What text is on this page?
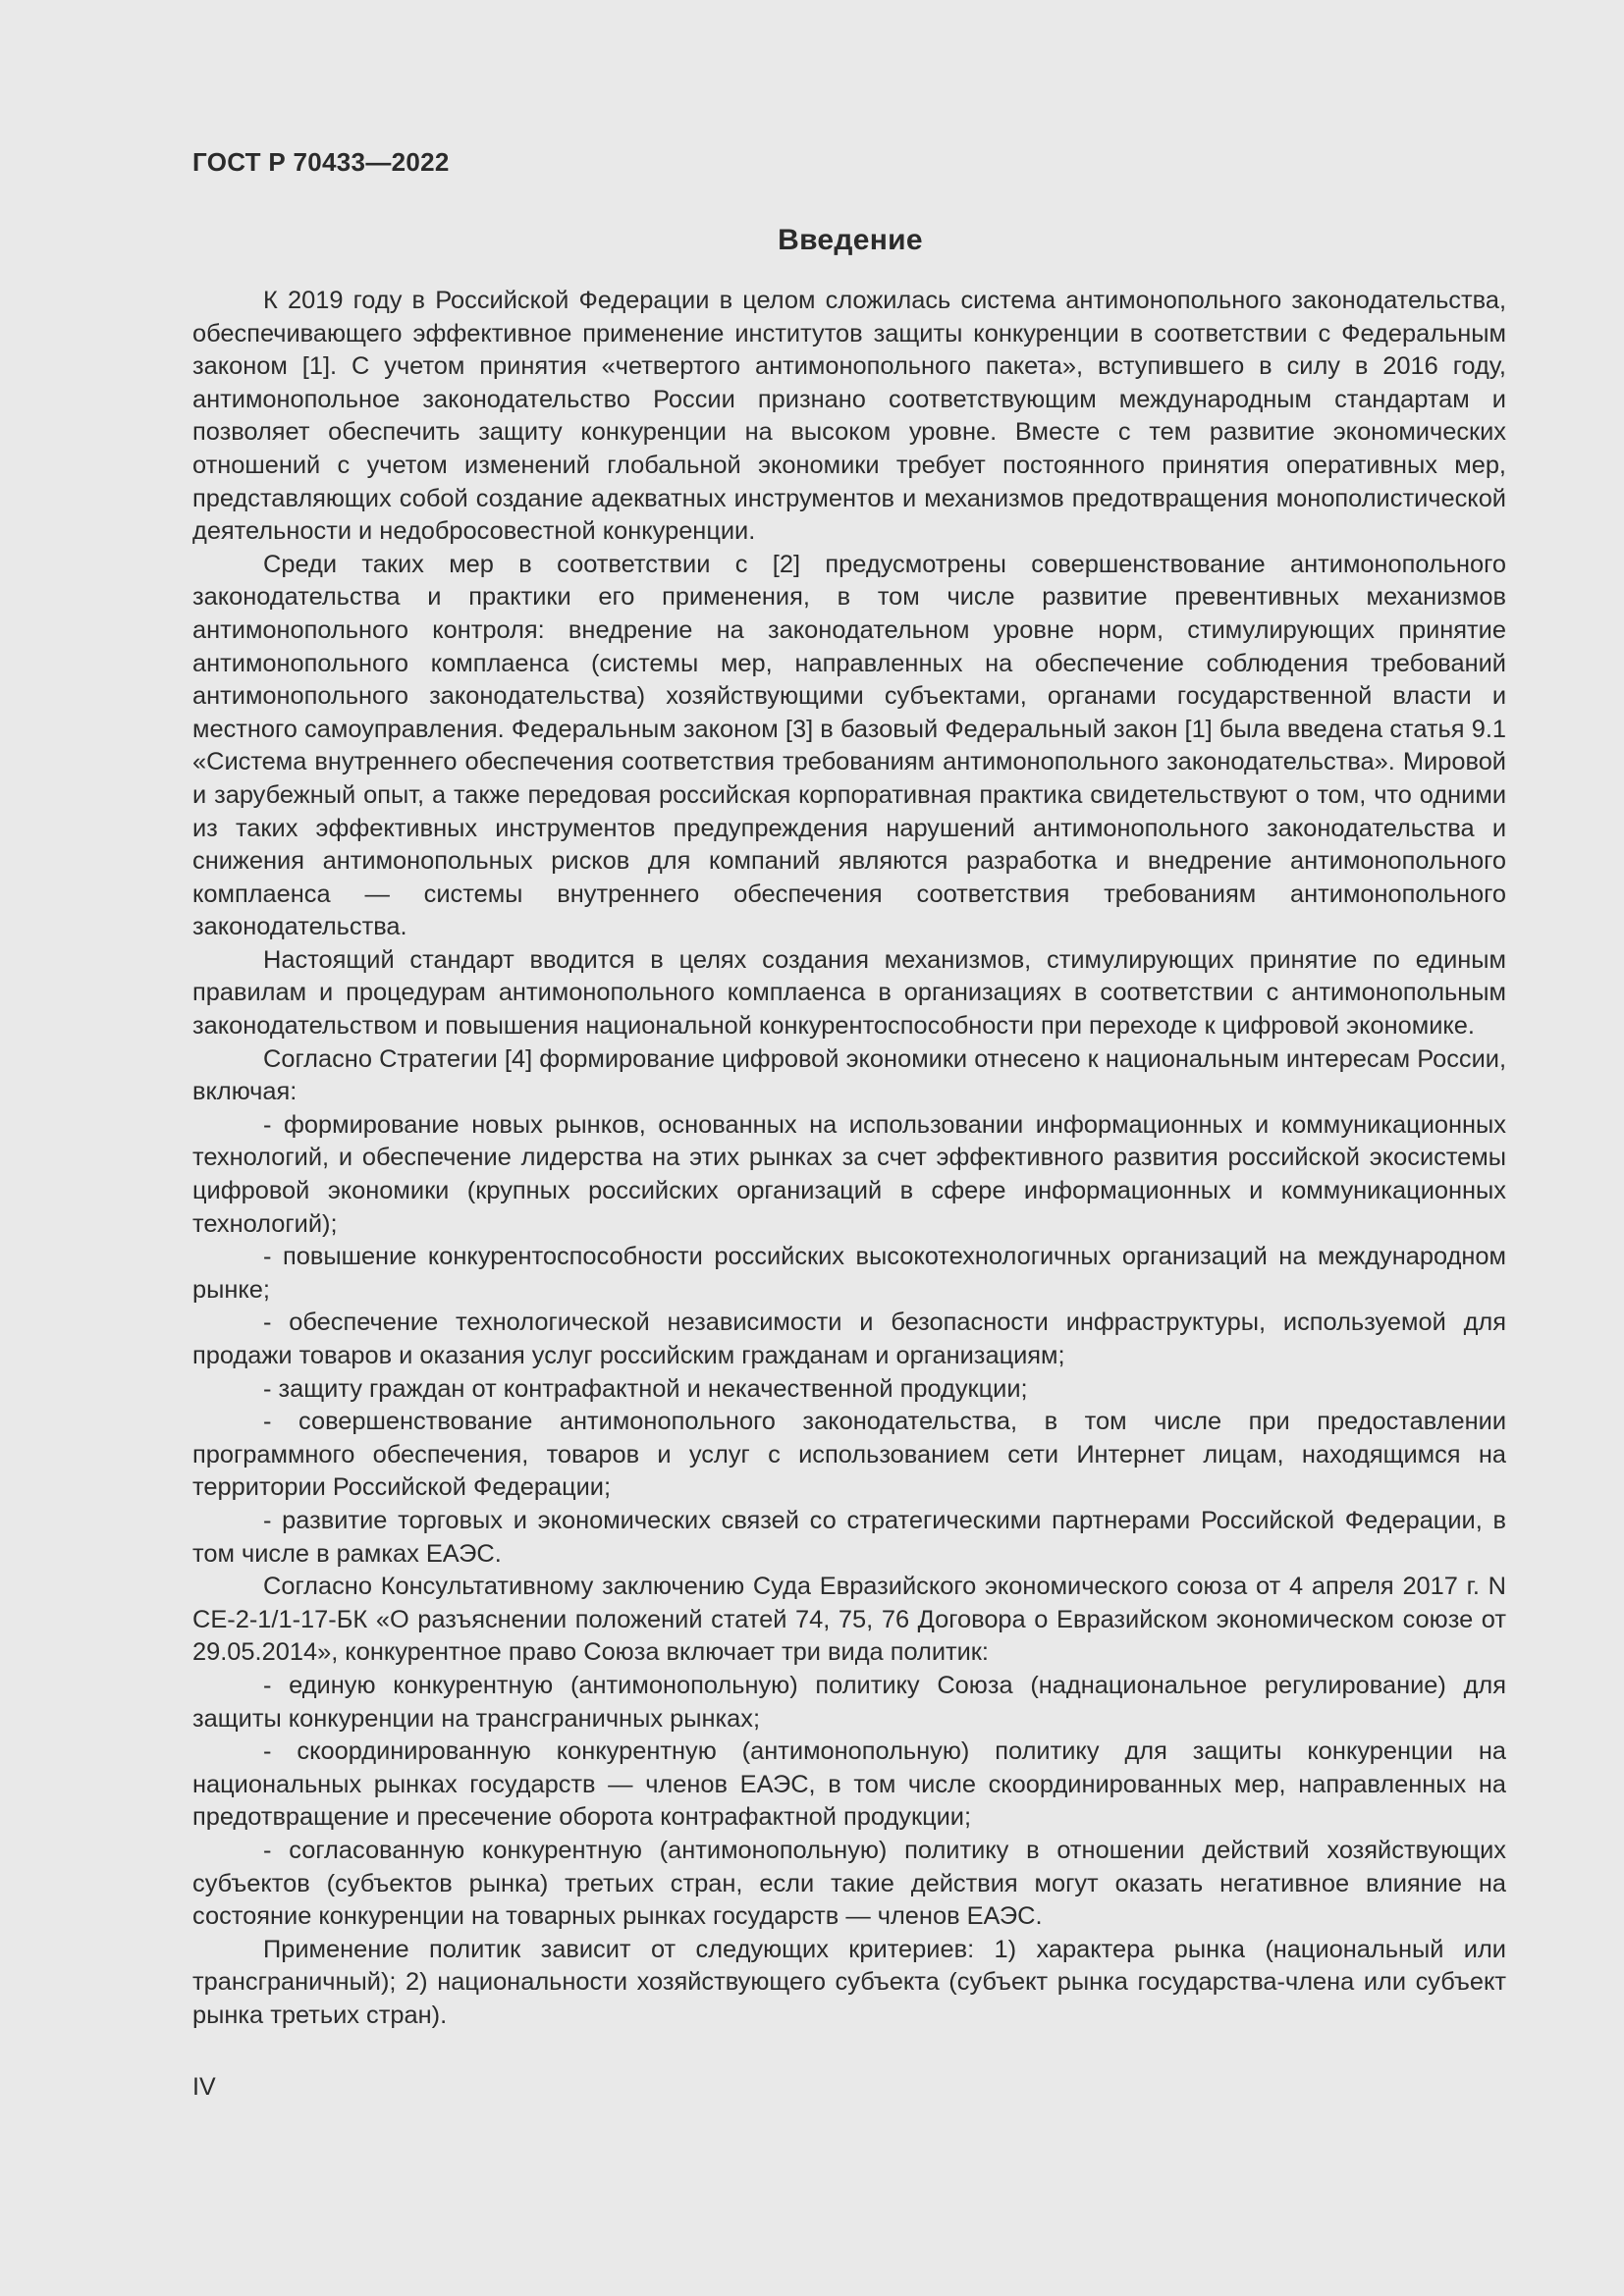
ГОСТ Р 70433—2022
Введение

К 2019 году в Российской Федерации в целом сложилась система антимонопольного законодательства, обеспечивающего эффективное применение институтов защиты конкуренции в соответствии с Федеральным законом [1]. С учетом принятия «четвертого антимонопольного пакета», вступившего в силу в 2016 году, антимонопольное законодательство России признано соответствующим международным стандартам и позволяет обеспечить защиту конкуренции на высоком уровне. Вместе с тем развитие экономических отношений с учетом изменений глобальной экономики требует постоянного принятия оперативных мер, представляющих собой создание адекватных инструментов и механизмов предотвращения монополистической деятельности и недобросовестной конкуренции.

Среди таких мер в соответствии с [2] предусмотрены совершенствование антимонопольного законодательства и практики его применения, в том числе развитие превентивных механизмов антимонопольного контроля: внедрение на законодательном уровне норм, стимулирующих принятие антимонопольного комплаенса (системы мер, направленных на обеспечение соблюдения требований антимонопольного законодательства) хозяйствующими субъектами, органами государственной власти и местного самоуправления. Федеральным законом [3] в базовый Федеральный закон [1] была введена статья 9.1 «Система внутреннего обеспечения соответствия требованиям антимонопольного законодательства». Мировой и зарубежный опыт, а также передовая российская корпоративная практика свидетельствуют о том, что одними из таких эффективных инструментов предупреждения нарушений антимонопольного законодательства и снижения антимонопольных рисков для компаний являются разработка и внедрение антимонопольного комплаенса — системы внутреннего обеспечения соответствия требованиям антимонопольного законодательства.

Настоящий стандарт вводится в целях создания механизмов, стимулирующих принятие по единым правилам и процедурам антимонопольного комплаенса в организациях в соответствии с антимонопольным законодательством и повышения национальной конкурентоспособности при переходе к цифровой экономике.

Согласно Стратегии [4] формирование цифровой экономики отнесено к национальным интересам России, включая:

- формирование новых рынков, основанных на использовании информационных и коммуникационных технологий, и обеспечение лидерства на этих рынках за счет эффективного развития российской экосистемы цифровой экономики (крупных российских организаций в сфере информационных и коммуникационных технологий);

- повышение конкурентоспособности российских высокотехнологичных организаций на международном рынке;

- обеспечение технологической независимости и безопасности инфраструктуры, используемой для продажи товаров и оказания услуг российским гражданам и организациям;

- защиту граждан от контрафактной и некачественной продукции;

- совершенствование антимонопольного законодательства, в том числе при предоставлении программного обеспечения, товаров и услуг с использованием сети Интернет лицам, находящимся на территории Российской Федерации;

- развитие торговых и экономических связей со стратегическими партнерами Российской Федерации, в том числе в рамках ЕАЭС.

Согласно Консультативному заключению Суда Евразийского экономического союза от 4 апреля 2017 г. N СЕ-2-1/1-17-БК «О разъяснении положений статей 74, 75, 76 Договора о Евразийском экономическом союзе от 29.05.2014», конкурентное право Союза включает три вида политик:

- единую конкурентную (антимонопольную) политику Союза (наднациональное регулирование) для защиты конкуренции на трансграничных рынках;

- скоординированную конкурентную (антимонопольную) политику для защиты конкуренции на национальных рынках государств — членов ЕАЭС, в том числе скоординированных мер, направленных на предотвращение и пресечение оборота контрафактной продукции;

- согласованную конкурентную (антимонопольную) политику в отношении действий хозяйствующих субъектов (субъектов рынка) третьих стран, если такие действия могут оказать негативное влияние на состояние конкуренции на товарных рынках государств — членов ЕАЭС.

Применение политик зависит от следующих критериев: 1) характера рынка (национальный или трансграничный); 2) национальности хозяйствующего субъекта (субъект рынка государства-члена или субъект рынка третьих стран).

IV
